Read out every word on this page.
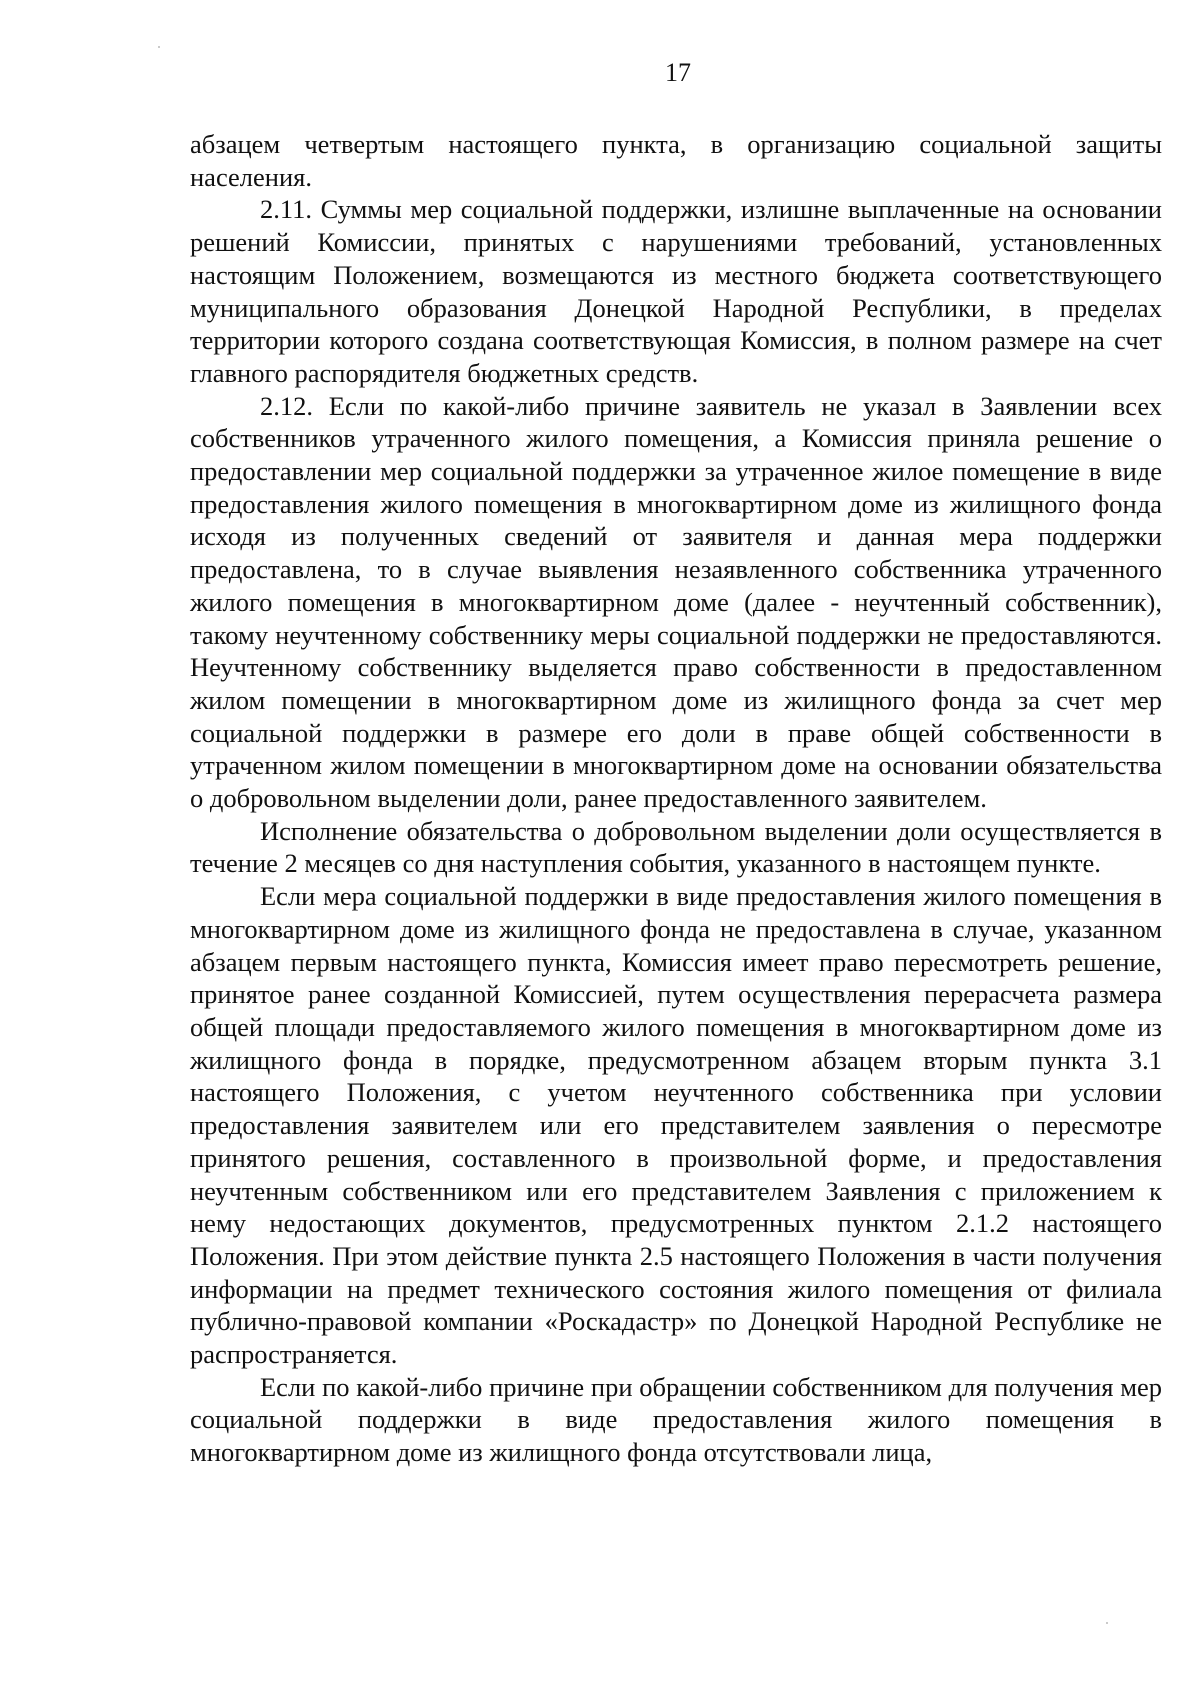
17

абзацем четвертым настоящего пункта, в организацию социальной защиты населения.

2.11. Суммы мер социальной поддержки, излишне выплаченные на основании решений Комиссии, принятых с нарушениями требований, установленных настоящим Положением, возмещаются из местного бюджета соответствующего муниципального образования Донецкой Народной Республики, в пределах территории которого создана соответствующая Комиссия, в полном размере на счет главного распорядителя бюджетных средств.

2.12. Если по какой-либо причине заявитель не указал в Заявлении всех собственников утраченного жилого помещения, а Комиссия приняла решение о предоставлении мер социальной поддержки за утраченное жилое помещение в виде предоставления жилого помещения в многоквартирном доме из жилищного фонда исходя из полученных сведений от заявителя и данная мера поддержки предоставлена, то в случае выявления незаявленного собственника утраченного жилого помещения в многоквартирном доме (далее - неучтенный собственник), такому неучтенному собственнику меры социальной поддержки не предоставляются. Неучтенному собственнику выделяется право собственности в предоставленном жилом помещении в многоквартирном доме из жилищного фонда за счет мер социальной поддержки в размере его доли в праве общей собственности в утраченном жилом помещении в многоквартирном доме на основании обязательства о добровольном выделении доли, ранее предоставленного заявителем.

Исполнение обязательства о добровольном выделении доли осуществляется в течение 2 месяцев со дня наступления события, указанного в настоящем пункте.

Если мера социальной поддержки в виде предоставления жилого помещения в многоквартирном доме из жилищного фонда не предоставлена в случае, указанном абзацем первым настоящего пункта, Комиссия имеет право пересмотреть решение, принятое ранее созданной Комиссией, путем осуществления перерасчета размера общей площади предоставляемого жилого помещения в многоквартирном доме из жилищного фонда в порядке, предусмотренном абзацем вторым пункта 3.1 настоящего Положения, с учетом неучтенного собственника при условии предоставления заявителем или его представителем заявления о пересмотре принятого решения, составленного в произвольной форме, и предоставления неучтенным собственником или его представителем Заявления с приложением к нему недостающих документов, предусмотренных пунктом 2.1.2 настоящего Положения. При этом действие пункта 2.5 настоящего Положения в части получения информации на предмет технического состояния жилого помещения от филиала публично-правовой компании «Роскадастр» по Донецкой Народной Республике не распространяется.

Если по какой-либо причине при обращении собственником для получения мер социальной поддержки в виде предоставления жилого помещения в многоквартирном доме из жилищного фонда отсутствовали лица,
